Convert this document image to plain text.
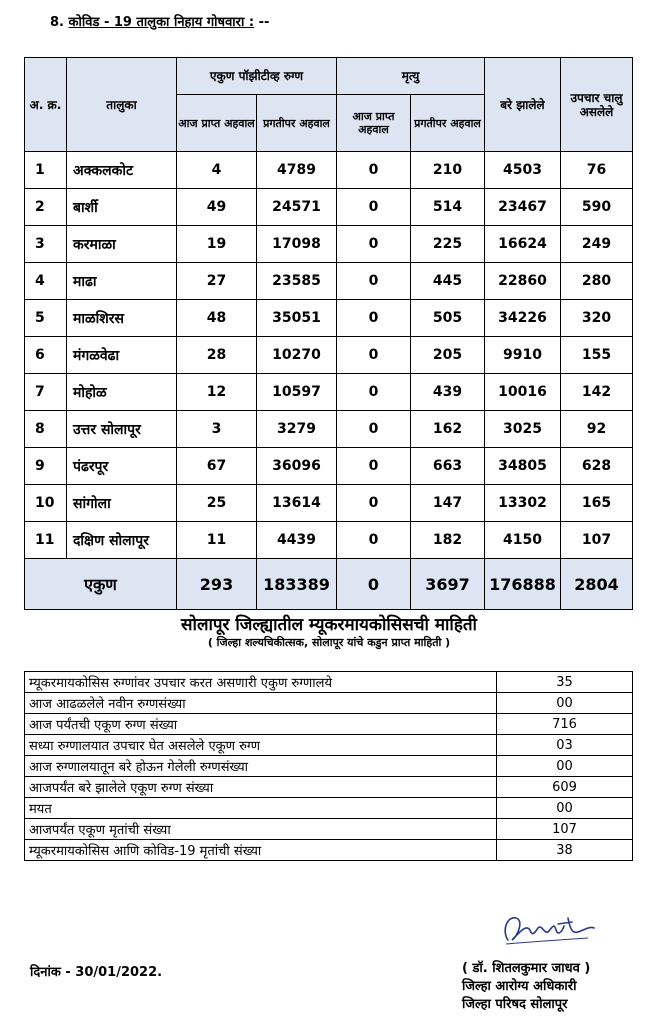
8. कोविड - 19 तालुका निहाय गोषवारा : --
अ. क्र.	तालुका	एकुण पॉझीटीव्ह रुग्ण		मृत्यु		बरे झालेले	उपचार चालु असलेले
		आज प्राप्त अहवाल	प्रगतीपर अहवाल	आज प्राप्त अहवाल	प्रगतीपर अहवाल		
1	अक्कलकोट	4	4789	0	210	4503	76
2	बार्शी	49	24571	0	514	23467	590
3	करमाळा	19	17098	0	225	16624	249
4	माढा	27	23585	0	445	22860	280
5	माळशिरस	48	35051	0	505	34226	320
6	मंगळवेढा	28	10270	0	205	9910	155
7	मोहोळ	12	10597	0	439	10016	142
8	उत्तर सोलापूर	3	3279	0	162	3025	92
9	पंढरपूर	67	36096	0	663	34805	628
10	सांगोला	25	13614	0	147	13302	165
11	दक्षिण सोलापूर	11	4439	0	182	4150	107
एकुण		293	183389	0	3697	176888	2804
सोलापूर जिल्ह्यातील म्यूकरमायकोसिसची माहिती
( जिल्हा शल्यचिकीत्सक, सोलापूर यांचे कडुन प्राप्त माहिती )
म्यूकरमायकोसिस रुग्णांवर उपचार करत असणारी एकुण रुग्णालये	35
आज आढळलेले नवीन रुग्णसंख्या	00
आज पर्यंतची एकूण रुग्ण संख्या	716
सध्या रुग्णालयात उपचार घेत असलेले एकूण रुग्ण	03
आज रुग्णालयातून बरे होऊन गेलेली रुग्णसंख्या	00
आजपर्यंत बरे झालेले एकूण रुग्ण संख्या	609
मयत	00
आजपर्यंत एकूण मृतांची संख्या	107
म्यूकरमायकोसिस आणि कोविड-19 मृतांची संख्या	38
दिनांक - 30/01/2022.	( डॉ. शितलकुमार जाधव )
जिल्हा आरोग्य अधिकारी
जिल्हा परिषद सोलापूर
